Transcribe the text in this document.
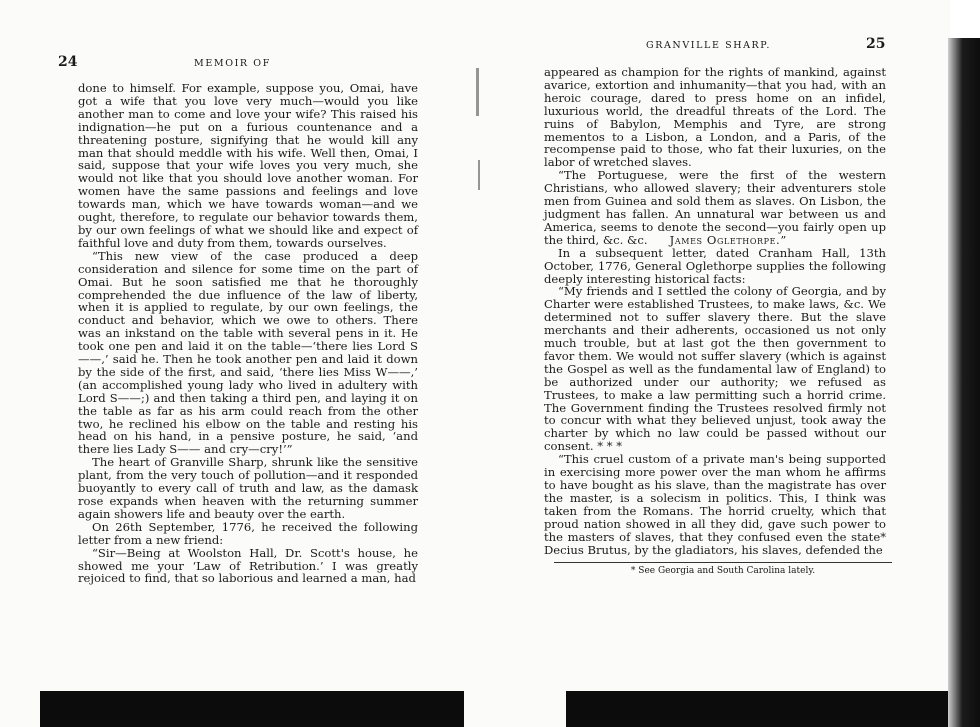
24	MEMOIR OF

done to himself. For example, suppose you, Omai, have got a wife that you love very much—would you like another man to come and love your wife? This raised his indignation—he put on a furious countenance and a threatening posture, signifying that he would kill any man that should meddle with his wife. Well then, Omai, I said, suppose that your wife loves you very much, she would not like that you should love another woman. For women have the same passions and feelings and love towards man, which we have towards woman—and we ought, therefore, to regulate our behavior towards them, by our own feelings of what we should like and expect of faithful love and duty from them, towards ourselves.

“This new view of the case produced a deep consideration and silence for some time on the part of Omai. But he soon satisfied me that he thoroughly comprehended the due influence of the law of liberty, when it is applied to regulate, by our own feelings, the conduct and behavior, which we owe to others. There was an inkstand on the table with several pens in it. He took one pen and laid it on the table—‘there lies Lord S——,’ said he. Then he took another pen and laid it down by the side of the first, and said, ‘there lies Miss W——,’ (an accomplished young lady who lived in adultery with Lord S——;) and then taking a third pen, and laying it on the table as far as his arm could reach from the other two, he reclined his elbow on the table and resting his head on his hand, in a pensive posture, he said, ‘and there lies Lady S—— and cry—cry!’”

The heart of Granville Sharp, shrunk like the sensitive plant, from the very touch of pollution—and it responded buoyantly to every call of truth and law, as the damask rose expands when heaven with the returning summer again showers life and beauty over the earth.

On 26th September, 1776, he received the following letter from a new friend:

“Sir—Being at Woolston Hall, Dr. Scott's house, he showed me your ‘Law of Retribution.’ I was greatly rejoiced to find, that so laborious and learned a man, had

GRANVILLE SHARP.	25

appeared as champion for the rights of mankind, against avarice, extortion and inhumanity—that you had, with an heroic courage, dared to press home on an infidel, luxurious world, the dreadful threats of the Lord. The ruins of Babylon, Memphis and Tyre, are strong mementos to a Lisbon, a London, and a Paris, of the recompense paid to those, who fat their luxuries, on the labor of wretched slaves.

“The Portuguese, were the first of the western Christians, who allowed slavery; their adventurers stole men from Guinea and sold them as slaves. On Lisbon, the judgment has fallen. An unnatural war between us and America, seems to denote the second—you fairly open up the third, &c. &c. James Oglethorpe.”

In a subsequent letter, dated Cranham Hall, 13th October, 1776, General Oglethorpe supplies the following deeply interesting historical facts:

“My friends and I settled the colony of Georgia, and by Charter were established Trustees, to make laws, &c. We determined not to suffer slavery there. But the slave merchants and their adherents, occasioned us not only much trouble, but at last got the then government to favor them. We would not suffer slavery (which is against the Gospel as well as the fundamental law of England) to be authorized under our authority; we refused as Trustees, to make a law permitting such a horrid crime. The Government finding the Trustees resolved firmly not to concur with what they believed unjust, took away the charter by which no law could be passed without our consent. * * *

“This cruel custom of a private man's being supported in exercising more power over the man whom he affirms to have bought as his slave, than the magistrate has over the master, is a solecism in politics. This, I think was taken from the Romans. The horrid cruelty, which that proud nation showed in all they did, gave such power to the masters of slaves, that they confused even the state* Decius Brutus, by the gladiators, his slaves, defended the

* See Georgia and South Carolina lately.
